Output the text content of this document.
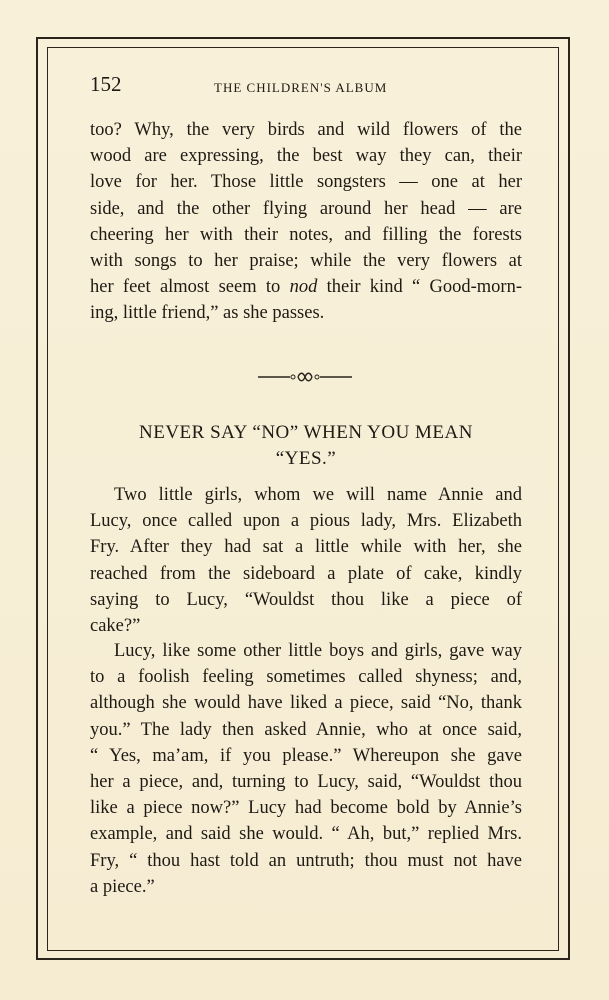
152	THE CHILDREN'S ALBUM
too? Why, the very birds and wild flowers of the
wood are expressing, the best way they can, their
love for her. Those little songsters — one at her
side, and the other flying around her head — are
cheering her with their notes, and filling the forests
with songs to her praise; while the very flowers at
her feet almost seem to nod their kind “ Good-morn-
ing, little friend,” as she passes.
NEVER SAY “NO” WHEN YOU MEAN
“YES.”
Two little girls, whom we will name Annie and
Lucy, once called upon a pious lady, Mrs. Elizabeth
Fry. After they had sat a little while with her, she
reached from the sideboard a plate of cake, kindly
saying to Lucy, “Wouldst thou like a piece of
cake?”
Lucy, like some other little boys and girls, gave way
to a foolish feeling sometimes called shyness; and,
although she would have liked a piece, said “No, thank
you.” The lady then asked Annie, who at once said,
“ Yes, ma’am, if you please.” Whereupon she gave
her a piece, and, turning to Lucy, said, “Wouldst thou
like a piece now?” Lucy had become bold by Annie’s
example, and said she would. “ Ah, but,” replied Mrs.
Fry, “ thou hast told an untruth; thou must not have
a piece.”
